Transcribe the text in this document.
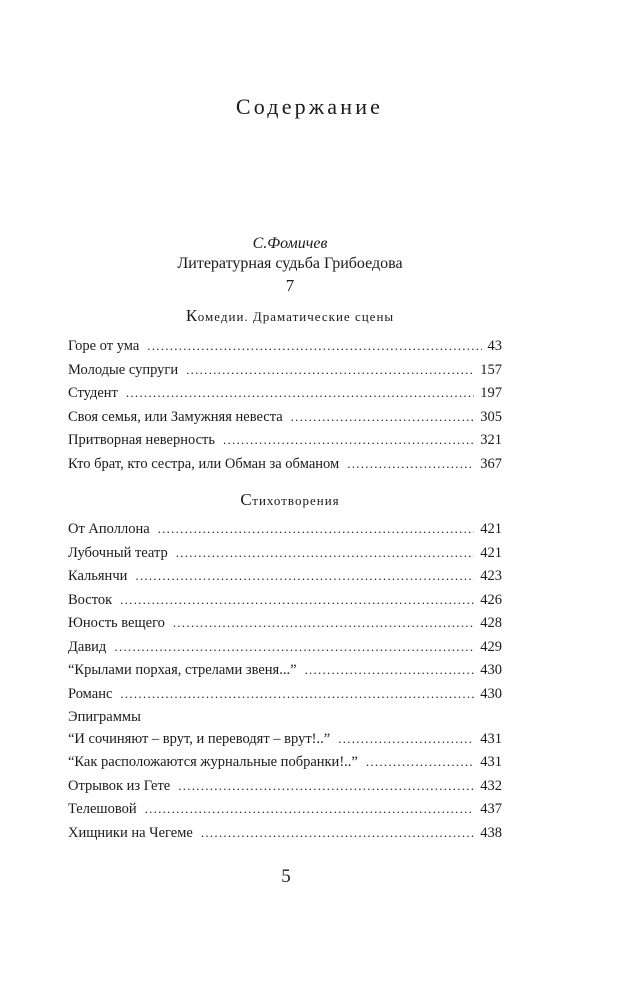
Содержание
С.Фомичев
Литературная судьба Грибоедова
7
Комедии. Драматические сцены
Горе от ума . . .	43
Молодые супруги . . .	157
Студент . . .	197
Своя семья, или Замужняя невеста . . .	305
Притворная неверность . . .	321
Кто брат, кто сестра, или Обман за обманом . . .	367
Стихотворения
От Аполлона . . .	421
Лубочный театр . . .	421
Кальянчи . . .	423
Восток . . .	426
Юность вещего . . .	428
Давид . . .	429
“Крылами порхая, стрелами звеня...” . . .	430
Романс . . .	430
Эпиграммы
“И сочиняют – врут, и переводят – врут!..” . . .	431
“Как расположаются журнальные побранки!..” . . .	431
Отрывок из Гете . . .	432
Телешовой . . .	437
Хищники на Чегеме . . .	438
5
